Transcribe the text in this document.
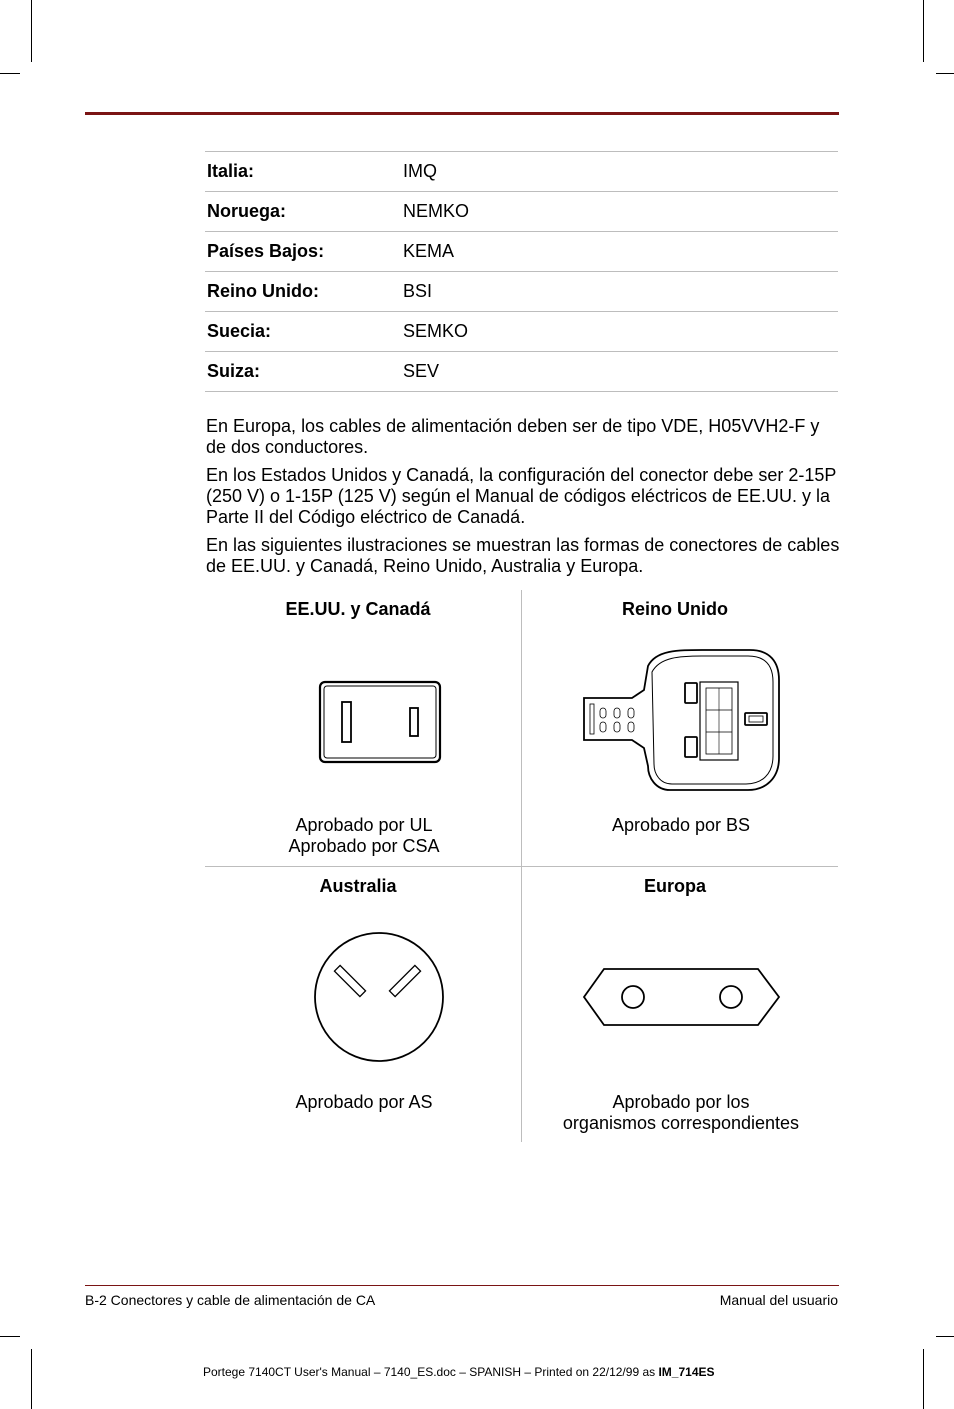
Italia:	IMQ
Noruega:	NEMKO
Países Bajos:	KEMA
Reino Unido:	BSI
Suecia:	SEMKO
Suiza:	SEV

En Europa, los cables de alimentación deben ser de tipo VDE, H05VVH2-F y de dos conductores.

En los Estados Unidos y Canadá, la configuración del conector debe ser 2-15P (250 V) o 1-15P (125 V) según el Manual de códigos eléctricos de EE.UU. y la Parte II del Código eléctrico de Canadá.

En las siguientes ilustraciones se muestran las formas de conectores de cables de EE.UU. y Canadá, Reino Unido, Australia y Europa.

EE.UU. y Canadá
Aprobado por UL
Aprobado por CSA
Reino Unido
Aprobado por BS
Australia
Aprobado por AS
Europa
Aprobado por los
organismos correspondientes
B-2 Conectores y cable de alimentación de CA	Manual del usuario
Portege 7140CT User's Manual – 7140_ES.doc – SPANISH – Printed on 22/12/99 as IM_714ES
